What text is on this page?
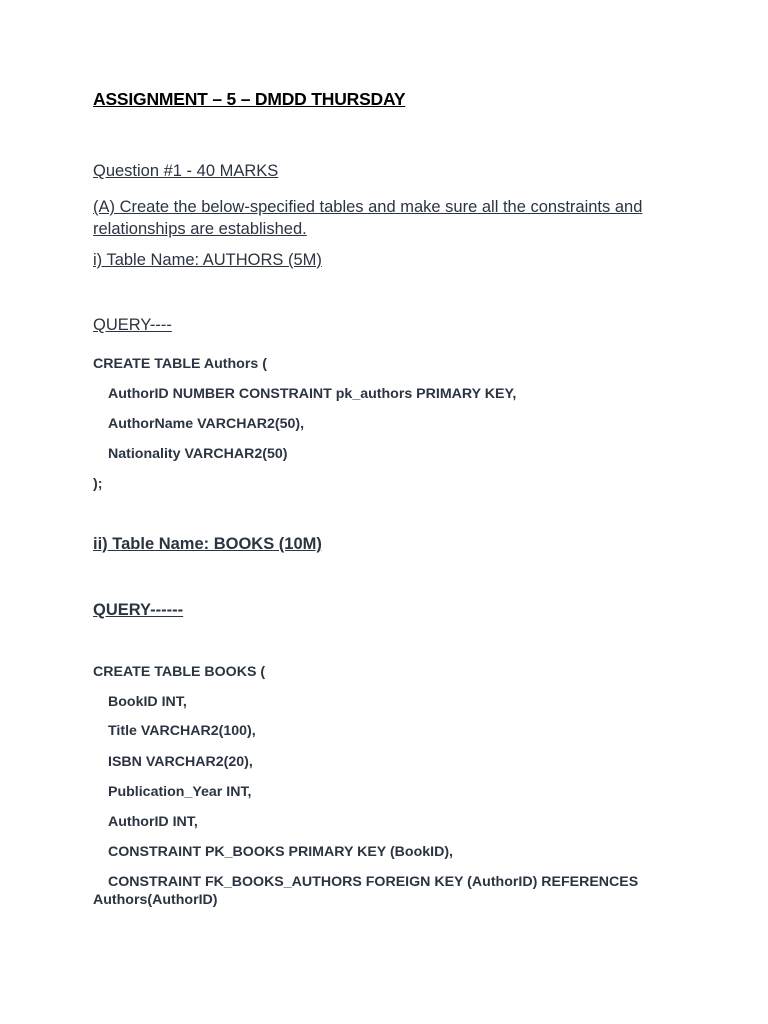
ASSIGNMENT – 5 – DMDD THURSDAY

Question #1 - 40 MARKS

(A) Create the below-specified tables and make sure all the constraints and relationships are established.

i) Table Name: AUTHORS (5M)

QUERY----

CREATE TABLE Authors (

AuthorID NUMBER CONSTRAINT pk_authors PRIMARY KEY,

AuthorName VARCHAR2(50),

Nationality VARCHAR2(50)

);

ii) Table Name: BOOKS (10M)

QUERY------

CREATE TABLE BOOKS (

BookID INT,

Title VARCHAR2(100),

ISBN VARCHAR2(20),

Publication_Year INT,

AuthorID INT,

CONSTRAINT PK_BOOKS PRIMARY KEY (BookID),

CONSTRAINT FK_BOOKS_AUTHORS FOREIGN KEY (AuthorID) REFERENCES

Authors(AuthorID)
